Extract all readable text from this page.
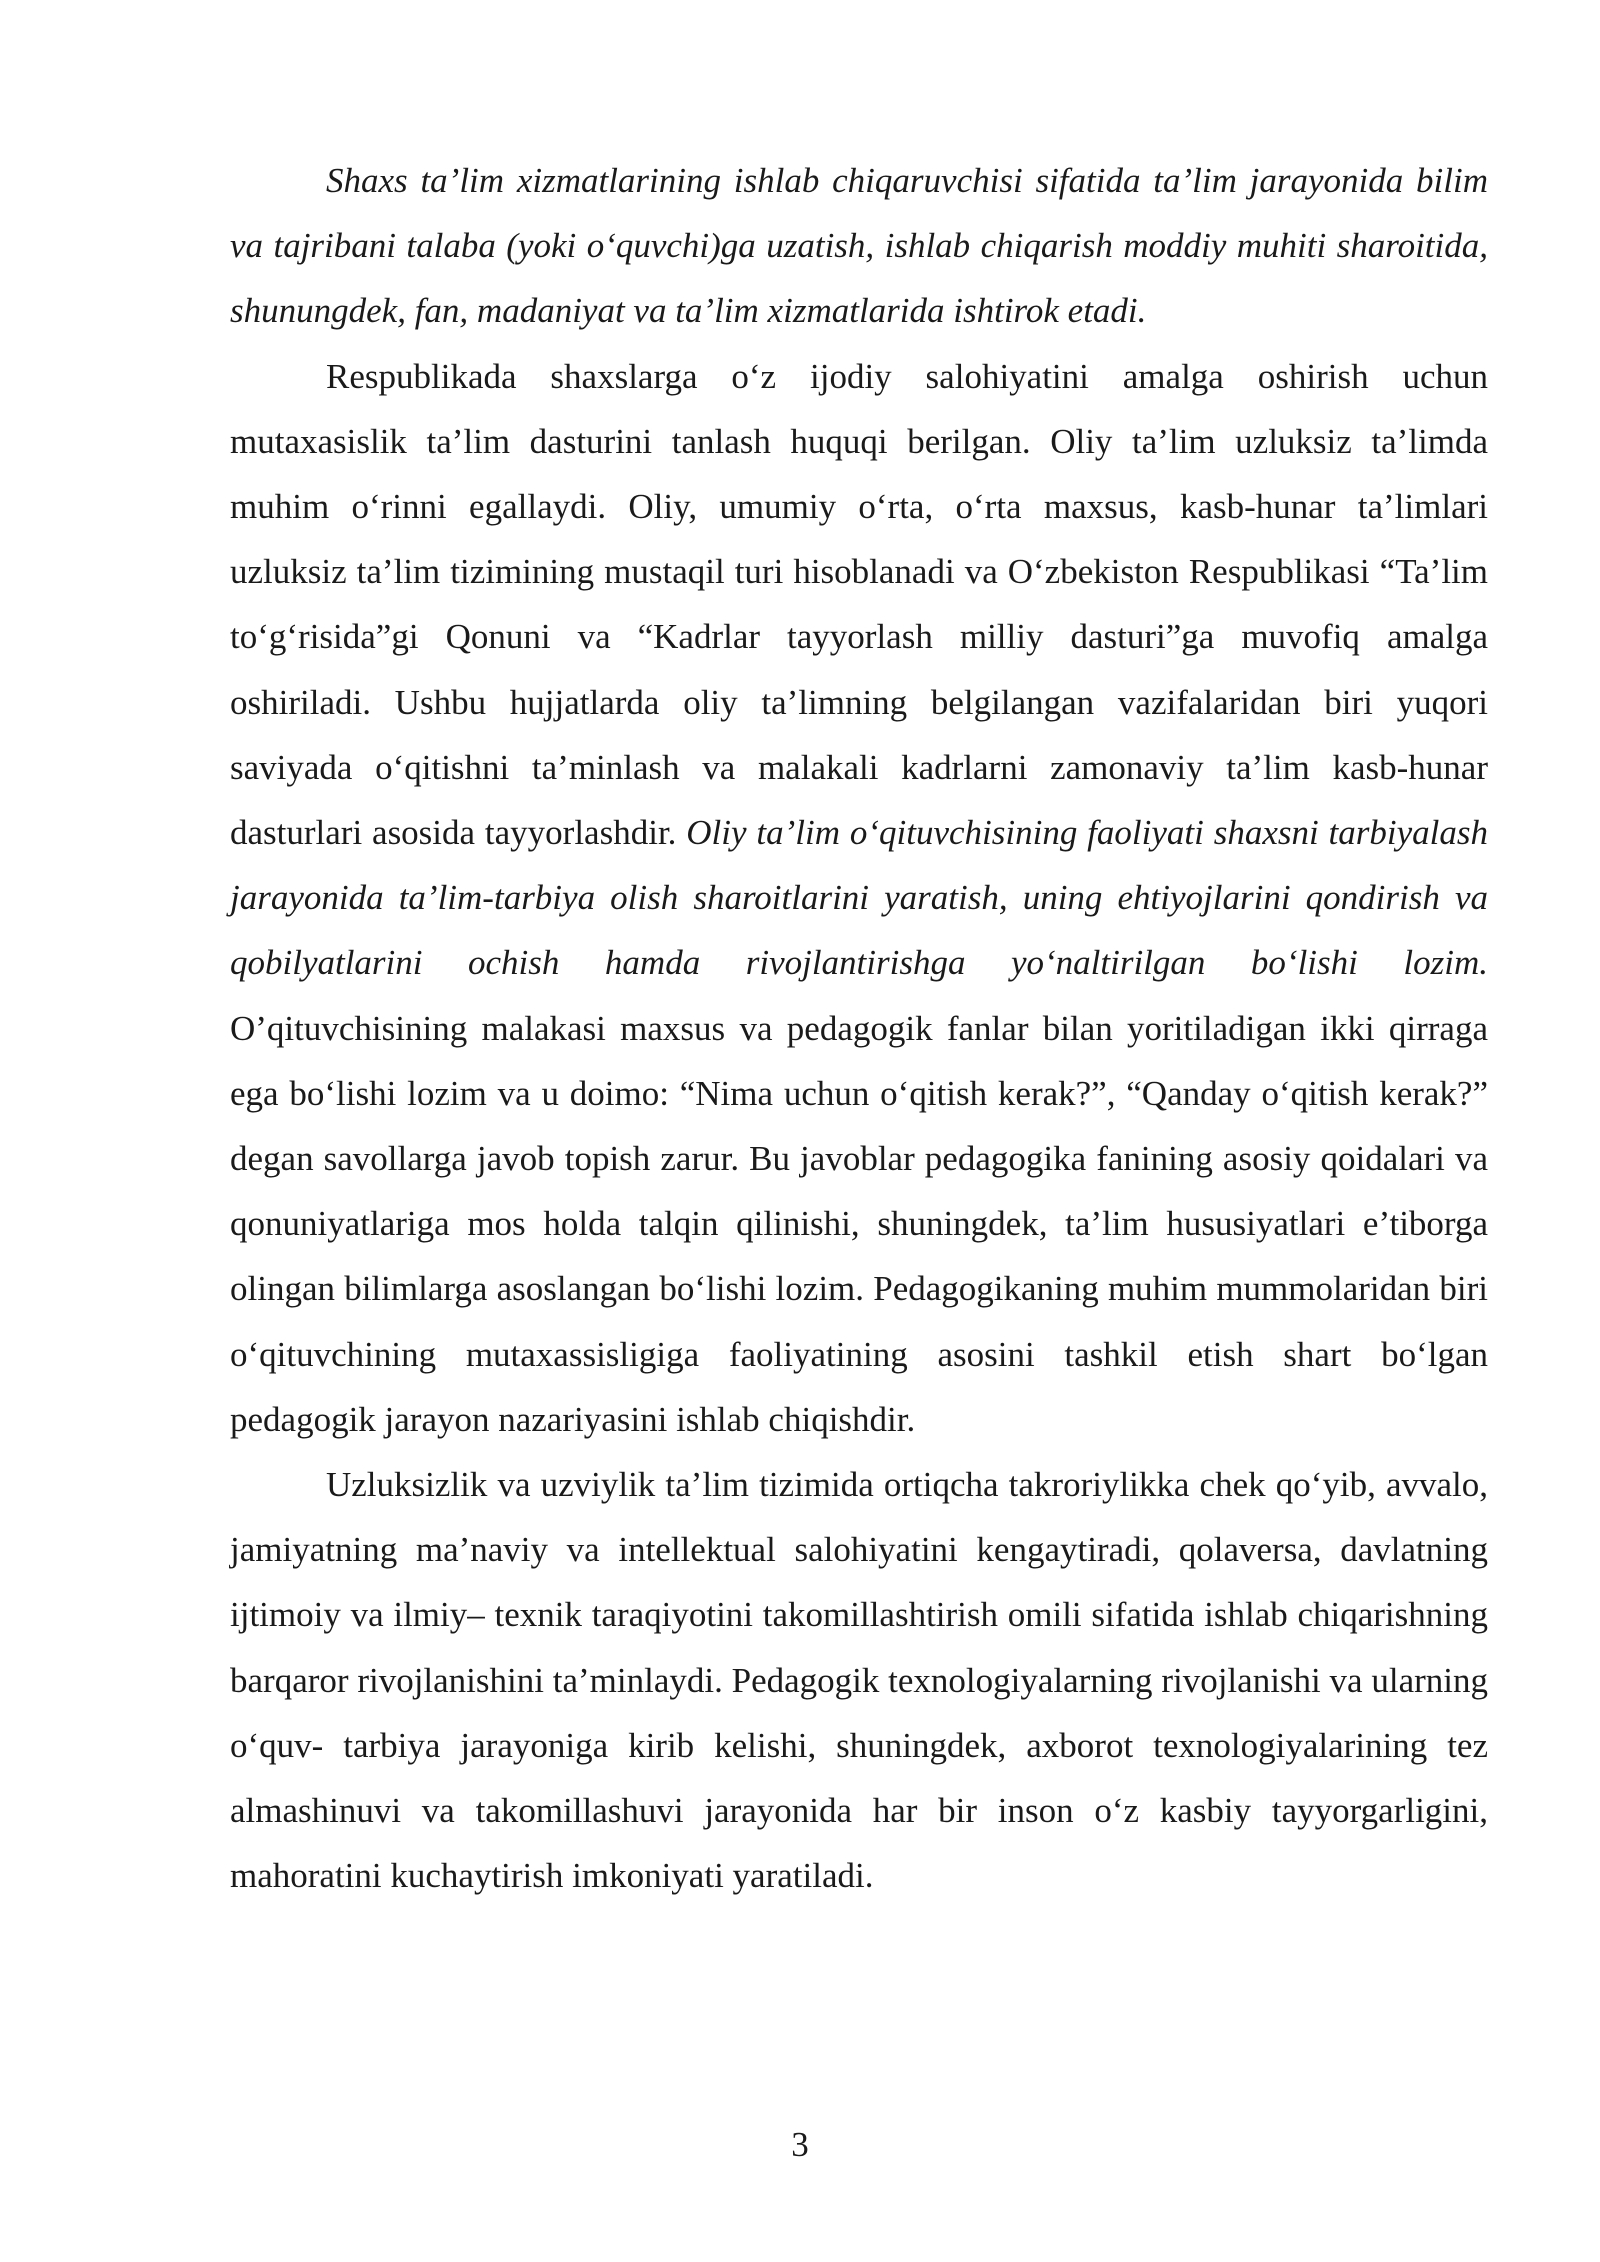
Shaxs ta’lim xizmatlarining ishlab chiqaruvchisi sifatida ta’lim jarayonida bilim va tajribani talaba (yoki o‘quvchi)ga uzatish, ishlab chiqarish moddiy muhiti sharoitida, shunungdek, fan, madaniyat va ta’lim xizmatlarida ishtirok etadi.

Respublikada shaxslarga o‘z ijodiy salohiyatini amalga oshirish uchun mutaxasislik ta’lim dasturini tanlash huquqi berilgan. Oliy ta’lim uzluksiz ta’limda muhim o‘rinni egallaydi. Oliy, umumiy o‘rta, o‘rta maxsus, kasb-hunar ta’limlari uzluksiz ta’lim tizimining mustaqil turi hisoblanadi va O‘zbekiston Respublikasi “Ta’lim to‘g‘risida”gi Qonuni va “Kadrlar tayyorlash milliy dasturi”ga muvofiq amalga oshiriladi. Ushbu hujjatlarda oliy ta’limning belgilangan vazifalaridan biri yuqori saviyada o‘qitishni ta’minlash va malakali kadrlarni zamonaviy ta’lim kasb-hunar dasturlari asosida tayyorlashdir. Oliy ta’lim o‘qituvchisining faoliyati shaxsni tarbiyalash jarayonida ta’lim-tarbiya olish sharoitlarini yaratish, uning ehtiyojlarini qondirish va qobilyatlarini ochish hamda rivojlantirishga yo‘naltirilgan bo‘lishi lozim. O’qituvchisining malakasi maxsus va pedagogik fanlar bilan yoritiladigan ikki qirraga ega bo‘lishi lozim va u doimo: “Nima uchun o‘qitish kerak?”, “Qanday o‘qitish kerak?” degan savollarga javob topish zarur. Bu javoblar pedagogika fanining asosiy qoidalari va qonuniyatlariga mos holda talqin qilinishi, shuningdek, ta’lim hususiyatlari e’tiborga olingan bilimlarga asoslangan bo‘lishi lozim. Pedagogikaning muhim mummolaridan biri o‘qituvchining mutaxassisligiga faoliyatining asosini tashkil etish shart bo‘lgan pedagogik jarayon nazariyasini ishlab chiqishdir.

Uzluksizlik va uzviylik ta’lim tizimida ortiqcha takroriylikka chek qo‘yib, avvalo, jamiyatning ma’naviy va intellektual salohiyatini kengaytiradi, qolaversa, davlatning ijtimoiy va ilmiy– texnik taraqiyotini takomillashtirish omili sifatida ishlab chiqarishning barqaror rivojlanishini ta’minlaydi. Pedagogik texnologiyalarning rivojlanishi va ularning o‘quv- tarbiya jarayoniga kirib kelishi, shuningdek, axborot texnologiyalarining tez almashinuvi va takomillashuvi jarayonida har bir inson o‘z kasbiy tayyorgarligini, mahoratini kuchaytirish imkoniyati yaratiladi.

3
